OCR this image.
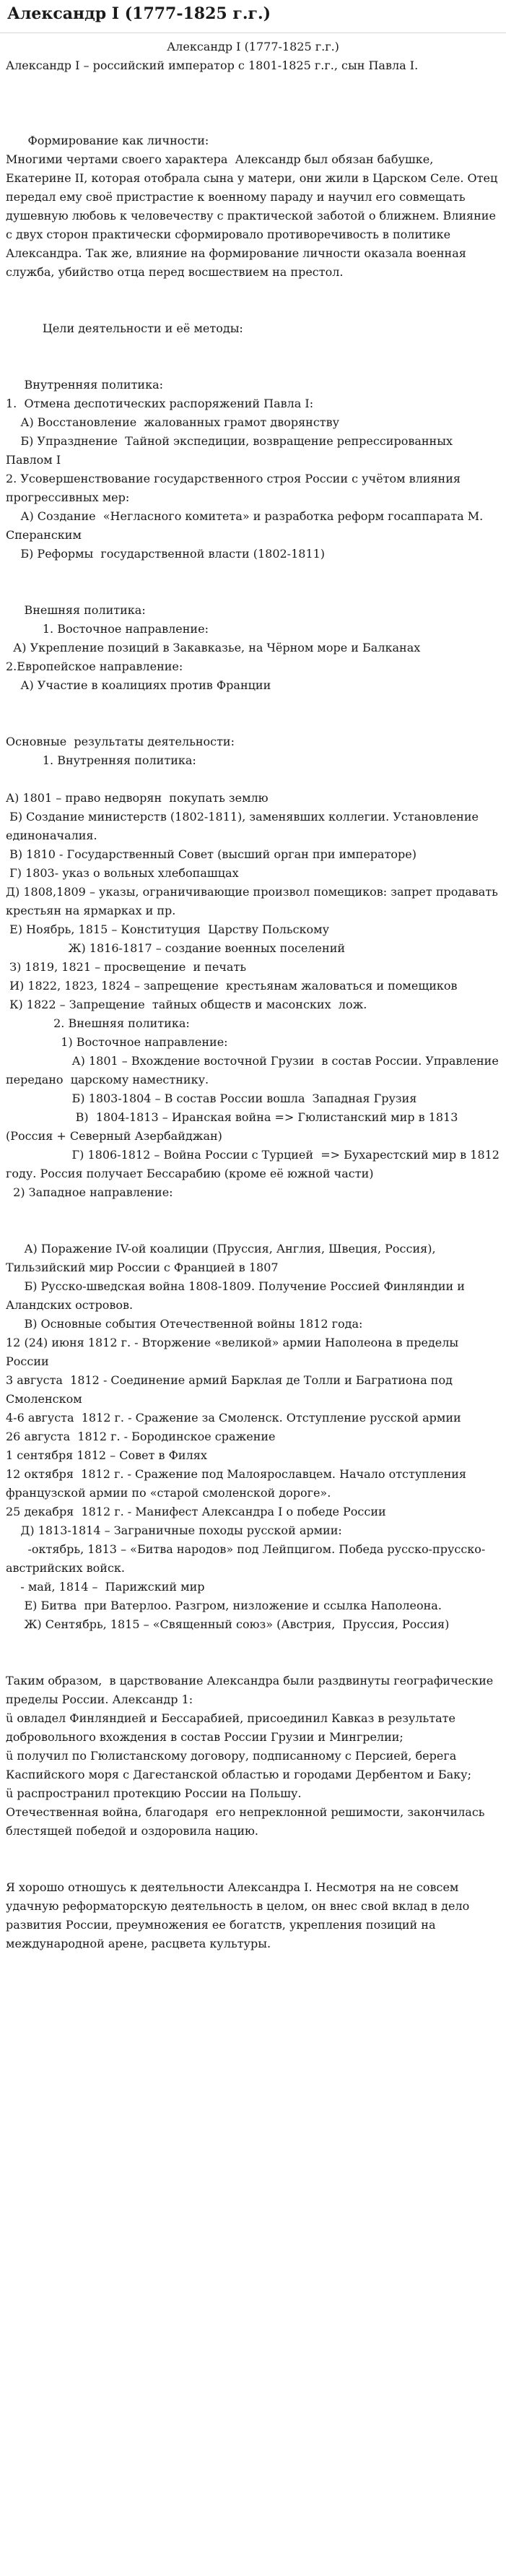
Александр I (1777-1825 г.г.)
Александр I (1777-1825 г.г.)
Александр I – российский император с 1801-1825 г.г., сын Павла I.
Формирование как личности:
Многими чертами своего характера  Александр был обязан бабушке, Екатерине II, которая отобрала сына у матери, они жили в Царском Селе. Отец передал ему своё пристрастие к военному параду и научил его совмещать душевную любовь к человечеству с практической заботой о ближнем. Влияние с двух сторон практически сформировало противоречивость в политике Александра. Так же, влияние на формирование личности оказала военная служба, убийство отца перед восшествием на престол.
Цели деятельности и её методы:
Внутренняя политика:
1.  Отмена деспотических распоряжений Павла I:
А) Восстановление  жалованных грамот дворянству
Б) Упразднение  Тайной экспедиции, возвращение репрессированных Павлом I
2. Усовершенствование государственного строя России с учётом влияния  прогрессивных мер:
А) Создание  «Негласного комитета» и разработка реформ госаппарата М. Сперанским
Б) Реформы  государственной власти (1802-1811)
Внешняя политика:
1. Восточное направление:
А) Укрепление позиций в Закавказье, на Чёрном море и Балканах
2.Европейское направление:
А) Участие в коалициях против Франции
Основные  результаты деятельности:
1. Внутренняя политика:
А) 1801 – право недворян  покупать землю
Б) Создание министерств (1802-1811), заменявших коллегии. Установление единоначалия.
В) 1810 - Государственный Совет (высший орган при императоре)
Г) 1803- указ о вольных хлебопашцах
Д) 1808,1809 – указы, ограничивающие произвол помещиков: запрет продавать крестьян на ярмарках и пр.
Е) Ноябрь, 1815 – Конституция  Царству Польскому
Ж) 1816-1817 – создание военных поселений
З) 1819, 1821 – просвещение  и печать
И) 1822, 1823, 1824 – запрещение  крестьянам жаловаться и помещиков
К) 1822 – Запрещение  тайных обществ и масонских  лож.
2. Внешняя политика:
1) Восточное направление:
А) 1801 – Вхождение восточной Грузии  в состав России. Управление передано  царскому наместнику.
Б) 1803-1804 – В состав России вошла  Западная Грузия
В)  1804-1813 – Иранская война => Гюлистанский мир в 1813 (Россия + Северный Азербайджан)
Г) 1806-1812 – Война России с Турцией  => Бухарестский мир в 1812 году. Россия получает Бессарабию (кроме её южной части)
2) Западное направление:
А) Поражение IV-ой коалиции (Пруссия, Англия, Швеция, Россия), Тильзийский мир России с Францией в 1807
Б) Русско-шведская война 1808-1809. Получение Россией Финляндии и Аландских островов.
В) Основные события Отечественной войны 1812 года:
12 (24) июня 1812 г. - Вторжение «великой» армии Наполеона в пределы России
3 августа  1812 - Соединение армий Барклая де Толли и Багратиона под Смоленском
4-6 августа  1812 г. - Сражение за Смоленск. Отступление русской армии
26 августа  1812 г. - Бородинское сражение
1 сентября 1812 – Совет в Филях
12 октября  1812 г. - Сражение под Малоярославцем. Начало отступления французской армии по «старой смоленской дороге».
25 декабря  1812 г. - Манифест Александра I о победе России
Д) 1813-1814 – Заграничные походы русской армии:
-октябрь, 1813 – «Битва народов» под Лейпцигом. Победа русско-прусско-австрийских войск.
- май, 1814 –  Парижский мир
Е) Битва  при Ватерлоо. Разгром, низложение и ссылка Наполеона.
Ж) Сентябрь, 1815 – «Священный союз» (Австрия,  Пруссия, Россия)
Таким образом,  в царствование Александра были раздвинуты географические пределы России. Александр 1:
ü овладел Финляндией и Бессарабией, присоединил Кавказ в результате добровольного вхождения в состав России Грузии и Мингрелии;
ü получил по Гюлистанскому договору, подписанному с Персией, берега Каспийского моря с Дагестанской областью и городами Дербентом и Баку;
ü распространил протекцию России на Польшу.
Отечественная война, благодаря  его непреклонной решимости, закончилась  блестящей победой и оздоровила нацию.
Я хорошо отношусь к деятельности Александра I. Несмотря на не совсем удачную реформаторскую деятельность в целом, он внес свой вклад в дело развития России, преумножения ее богатств, укрепления позиций на международной арене, расцвета культуры.
